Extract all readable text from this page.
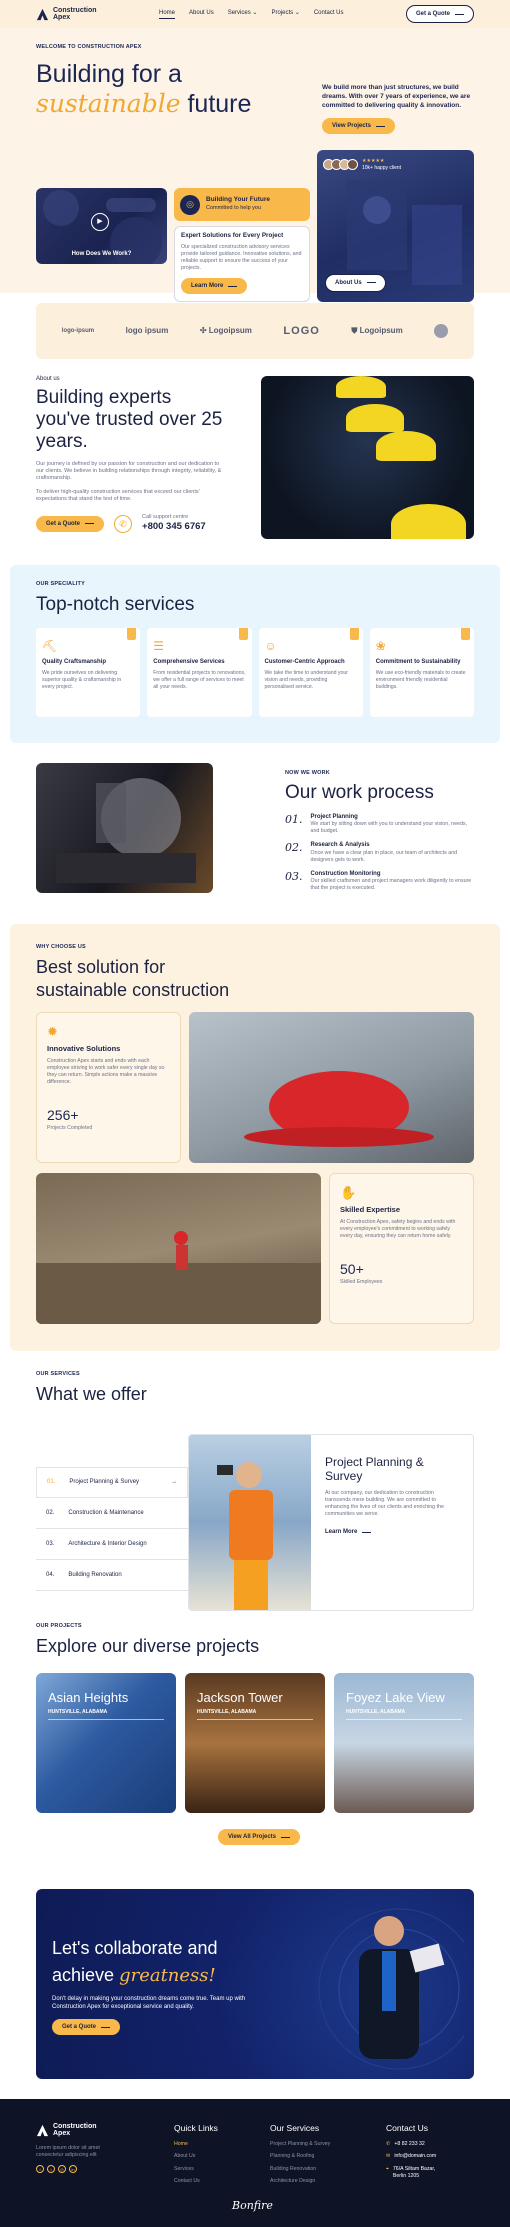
Construction
Apex
Home About Us Services ⌄ Projects ⌄ Contact Us	Get a Quote
WELCOME TO CONSTRUCTION APEX
Building for a
sustainable future
We build more than just structures, we build dreams. With over 7 years of experience, we are committed to delivering quality & innovation.
View Projects
▶
How Does We Work?
◎	Building Your Future
Committed to help you
Expert Solutions for Every Project
Our specialized construction advisory services provide tailored guidance. Innovative solutions, and reliable support to ensure the success of your projects.
Learn More
★★★★★
10k+ happy client
About Us
logo-ipsum	logo ipsum	✣ Logoipsum	LOGO	⛊ Logoipsum
About us
Building experts you've trusted over 25 years.

Our journey is defined by our passion for construction and our dedication to our clients. We believe in building relationships through integrity, reliability, & craftsmanship.

To deliver high-quality construction services that exceed our clients' expectations that stand the test of time.

Get a Quote	✆
Call support centre
+800 345 6767
OUR SPECIALITY
Top-notch services
⛏
Quality Craftsmanship

We pride ourselves on delivering superior quality & craftsmanship in every project.

☰
Comprehensive Services

From residential projects to renovations, we offer a full range of services to meet all your needs.

☺
Customer-Centric Approach

We take the time to understand your vision and needs, providing personalised service.

❀
Commitment to Sustainability

We use eco-friendly materials to create environment friendly residential buildings.

NOW WE WORK
Our work process
01. Project Planning

We start by sitting down with you to understand your vision, needs, and budget.

02. Research & Analysis

Once we have a clear plan in place, our team of architects and designers gets to work.

03. Construction Monitoring

Our skilled craftsmen and project managers work diligently to ensure that the project is executed.

WHY CHOOSE US
Best solution for
sustainable construction
✹
Innovative Solutions

Construction Apex starts and ends with each employee striving to work safer every single day so they can return. Simple actions make a massive difference.

256+

Projects Completed

✋
Skilled Expertise

At Construction Apex, safety begins and ends with every employee's commitment to working safely every day, ensuring they can return home safely.

50+

Skilled Employees

OUR SERVICES
What we offer
01. Project Planning & Survey	→
02. Construction & Maintenance
03. Architecture & Interior Design
04. Building Renovation
Project Planning & Survey

At our company, our dedication to construction transcends mere building. We are committed to enhancing the lives of our clients and enriching the communities we serve.

Learn More
OUR PROJECTS
Explore our diverse projects
Asian Heights
HUNTSVILLE, ALABAMA
Jackson Tower
HUNTSVILLE, ALABAMA
Foyez Lake View
HUNTSVILLE, ALABAMA
View All Projects
Let's collaborate and
achieve greatness!

Don't delay in making your construction dreams come true. Team up with Construction Apex for exceptional service and quality.

Get a Quote
Construction
Apex
Lorem ipsum dolor sit amet consectetur adipiscing elit
f	t	◎	in
Quick Links
Home
About Us
Services
Contact Us
Our Services
Project Planning & Survey
Planning & Roofing
Building Renovation
Architecture Design
Contact Us
✆ +8 82 233 32
✉ info@domain.com
⌖ 76/A Siltam Bazar,
Berlin 1205
Bonfire
